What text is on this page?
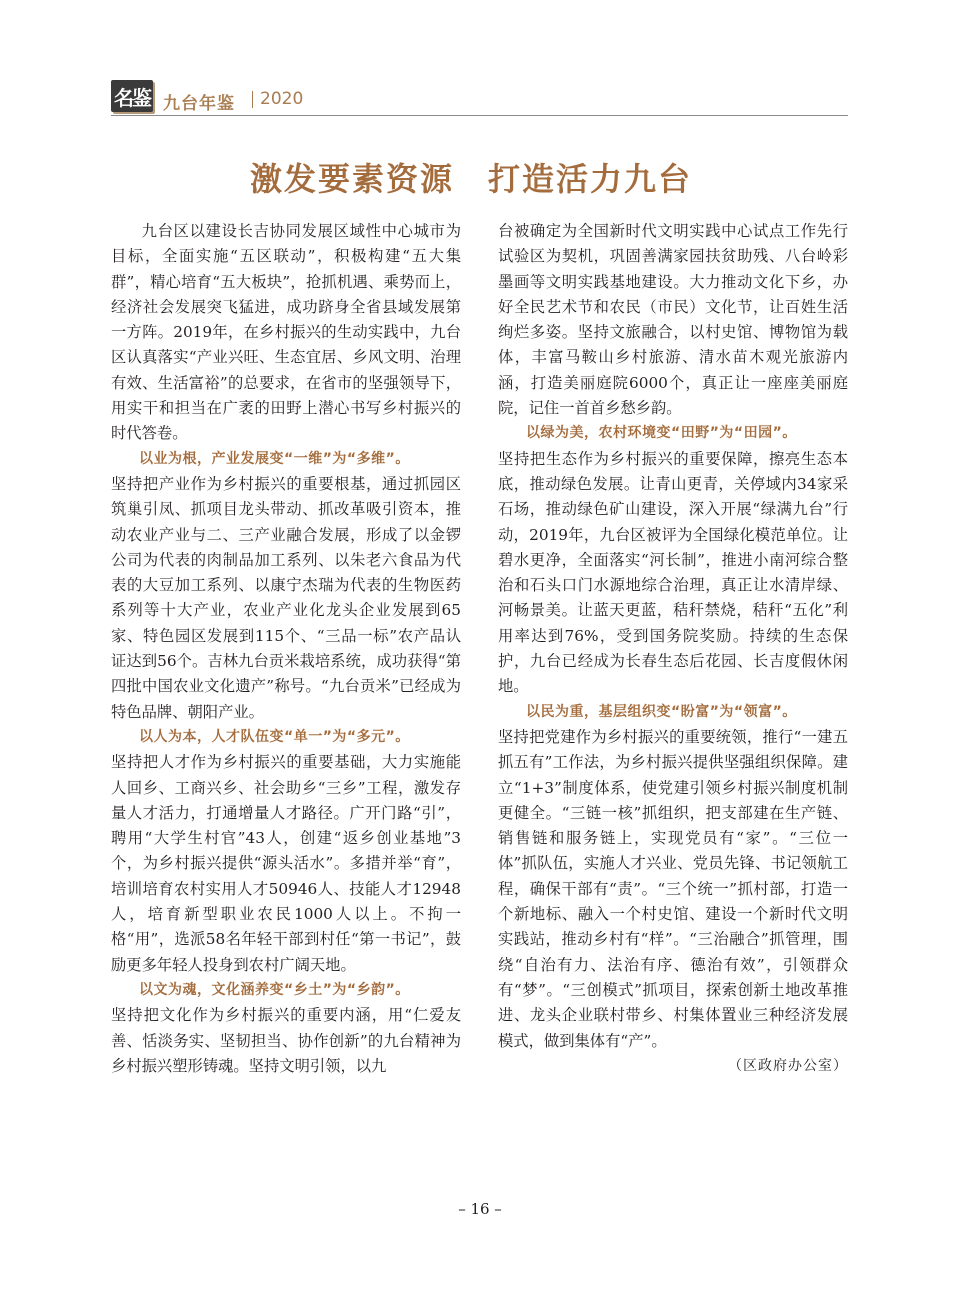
名鉴 九台年鉴 2020
激发要素资源　打造活力九台

九台区以建设长吉协同发展区域性中心城市为目标，全面实施“五区联动”，积极构建“五大集群”，精心培育“五大板块”，抢抓机遇、乘势而上，经济社会发展突飞猛进，成功跻身全省县域发展第一方阵。2019年，在乡村振兴的生动实践中，九台区认真落实“产业兴旺、生态宜居、乡风文明、治理有效、生活富裕”的总要求，在省市的坚强领导下，用实干和担当在广袤的田野上潜心书写乡村振兴的时代答卷。

以业为根，产业发展变“一维”为“多维”。

坚持把产业作为乡村振兴的重要根基，通过抓园区筑巢引凤、抓项目龙头带动、抓改革吸引资本，推动农业产业与二、三产业融合发展，形成了以金锣公司为代表的肉制品加工系列、以朱老六食品为代表的大豆加工系列、以康宁杰瑞为代表的生物医药系列等十大产业，农业产业化龙头企业发展到65家、特色园区发展到115个、“三品一标”农产品认证达到56个。吉林九台贡米栽培系统，成功获得“第四批中国农业文化遗产”称号。“九台贡米”已经成为特色品牌、朝阳产业。

以人为本，人才队伍变“单一”为“多元”。

坚持把人才作为乡村振兴的重要基础，大力实施能人回乡、工商兴乡、社会助乡“三乡”工程，激发存量人才活力，打通增量人才路径。广开门路“引”，聘用“大学生村官”43人，创建“返乡创业基地”3个，为乡村振兴提供“源头活水”。多措并举“育”，培训培育农村实用人才50946人、技能人才12948人，培育新型职业农民1000人以上。不拘一格“用”，选派58名年轻干部到村任“第一书记”，鼓励更多年轻人投身到农村广阔天地。

以文为魂，文化涵养变“乡土”为“乡韵”。

坚持把文化作为乡村振兴的重要内涵，用“仁爱友善、恬淡务实、坚韧担当、协作创新”的九台精神为乡村振兴塑形铸魂。坚持文明引领，以九

台被确定为全国新时代文明实践中心试点工作先行试验区为契机，巩固善满家园扶贫助残、八台岭彩墨画等文明实践基地建设。大力推动文化下乡，办好全民艺术节和农民（市民）文化节，让百姓生活绚烂多姿。坚持文旅融合，以村史馆、博物馆为载体，丰富马鞍山乡村旅游、清水苗木观光旅游内涵，打造美丽庭院6000个，真正让一座座美丽庭院，记住一首首乡愁乡韵。

以绿为美，农村环境变“田野”为“田园”。

坚持把生态作为乡村振兴的重要保障，擦亮生态本底，推动绿色发展。让青山更青，关停域内34家采石场，推动绿色矿山建设，深入开展“绿满九台”行动，2019年，九台区被评为全国绿化模范单位。让碧水更净，全面落实“河长制”，推进小南河综合整治和石头口门水源地综合治理，真正让水清岸绿、河畅景美。让蓝天更蓝，秸秆禁烧，秸秆“五化”利用率达到76%，受到国务院奖励。持续的生态保护，九台已经成为长春生态后花园、长吉度假休闲地。

以民为重，基层组织变“盼富”为“领富”。

坚持把党建作为乡村振兴的重要统领，推行“一建五抓五有”工作法，为乡村振兴提供坚强组织保障。建立“1+3”制度体系，使党建引领乡村振兴制度机制更健全。“三链一核”抓组织，把支部建在生产链、销售链和服务链上，实现党员有“家”。“三位一体”抓队伍，实施人才兴业、党员先锋、书记领航工程，确保干部有“责”。“三个统一”抓村部，打造一个新地标、融入一个村史馆、建设一个新时代文明实践站，推动乡村有“样”。“三治融合”抓管理，围绕“自治有力、法治有序、德治有效”，引领群众有“梦”。“三创模式”抓项目，探索创新土地改革推进、龙头企业联村带乡、村集体置业三种经济发展模式，做到集体有“产”。

（区政府办公室）

– 16 –
